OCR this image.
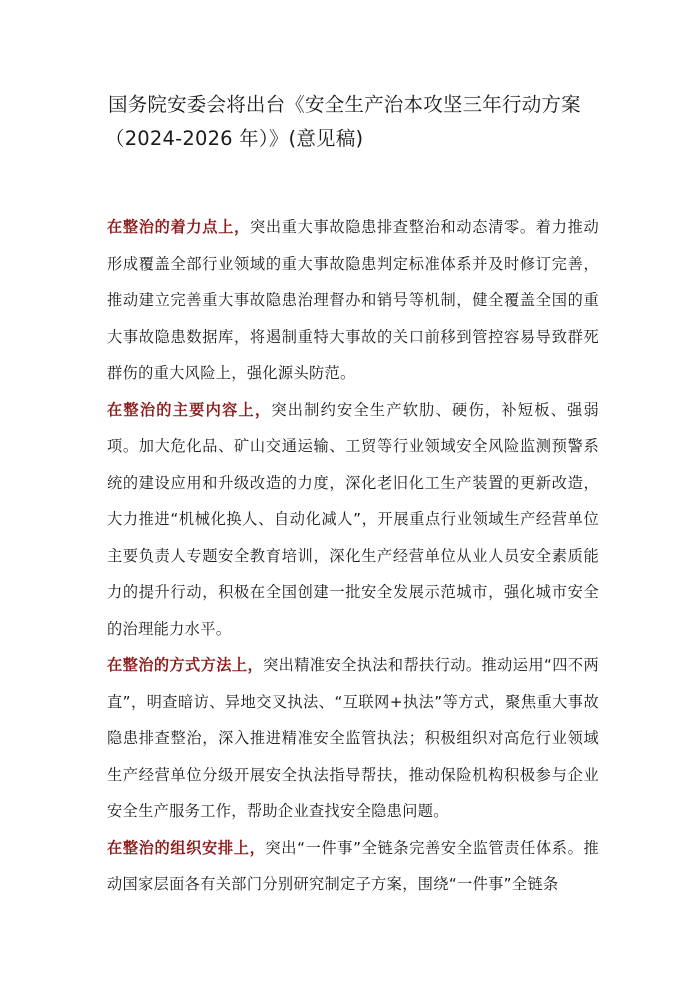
国务院安委会将出台《安全生产治本攻坚三年行动方案
（2024-2026 年）》(意见稿)

在整治的着力点上，突出重大事故隐患排查整治和动态清零。着力推动形成覆盖全部行业领域的重大事故隐患判定标准体系并及时修订完善，推动建立完善重大事故隐患治理督办和销号等机制，健全覆盖全国的重大事故隐患数据库，将遏制重特大事故的关口前移到管控容易导致群死群伤的重大风险上，强化源头防范。

在整治的主要内容上，突出制约安全生产软肋、硬伤，补短板、强弱项。加大危化品、矿山交通运输、工贸等行业领域安全风险监测预警系统的建设应用和升级改造的力度，深化老旧化工生产装置的更新改造，大力推进“机械化换人、自动化减人”，开展重点行业领域生产经营单位主要负责人专题安全教育培训，深化生产经营单位从业人员安全素质能力的提升行动，积极在全国创建一批安全发展示范城市，强化城市安全的治理能力水平。

在整治的方式方法上，突出精准安全执法和帮扶行动。推动运用“四不两直”，明查暗访、异地交叉执法、“互联网+执法”等方式，聚焦重大事故隐患排查整治，深入推进精准安全监管执法；积极组织对高危行业领域生产经营单位分级开展安全执法指导帮扶，推动保险机构积极参与企业安全生产服务工作，帮助企业查找安全隐患问题。

在整治的组织安排上，突出“一件事”全链条完善安全监管责任体系。推动国家层面各有关部门分别研究制定子方案，围绕“一件事”全链条
